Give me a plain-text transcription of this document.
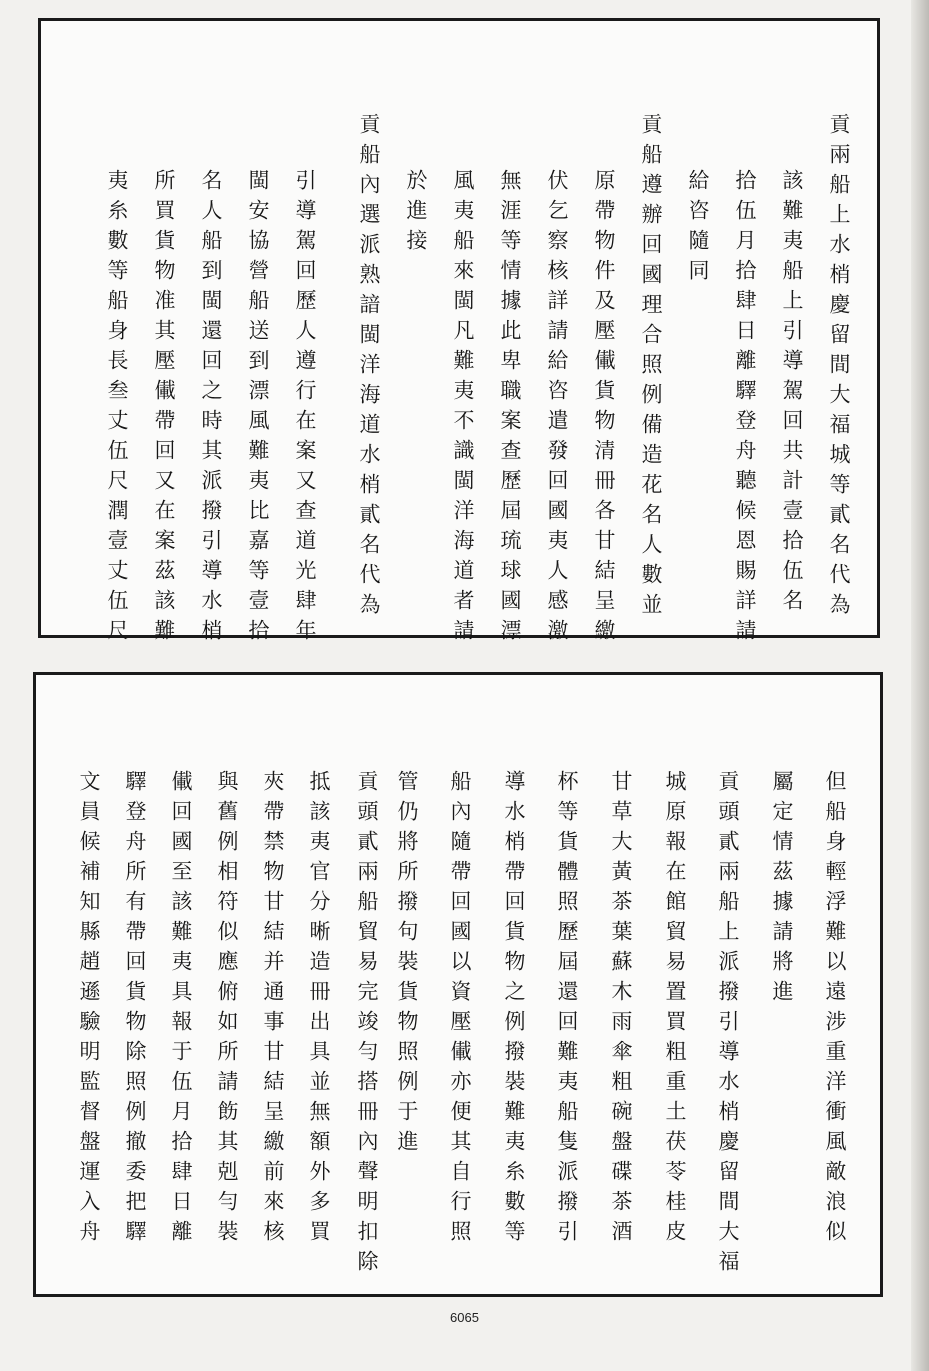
貢兩船上水梢慶留間大福城等貳名代為
該難夷船上引導駕回共計壹拾伍名
拾伍月拾肆日離驛登舟聽候恩賜詳請
給咨隨同
貢船遵辦回國理合照例備造花名人數並
原帶物件及壓儎貨物清冊各甘結呈繳
伏乞察核詳請給咨遣發回國夷人感激
無涯等情據此卑職案查歷屆琉球國漂
風夷船來閩凡難夷不識閩洋海道者請
於進接
貢船內選派熟諳閩洋海道水梢貳名代為
引導駕回歷人遵行在案又查道光肆年
閩安協營船送到漂風難夷比嘉等壹拾
名人船到閩還回之時其派撥引導水梢
所買貨物准其壓儎帶回又在案茲該難
夷糸數等船身長叁丈伍尺潤壹丈伍尺
但船身輕浮難以遠涉重洋衝風敵浪似
屬定情茲據請將進
貢頭貳兩船上派撥引導水梢慶留間大福
城原報在館貿易置買粗重土茯苓桂皮
甘草大黃茶葉蘇木雨傘粗碗盤碟茶酒
杯等貨體照歷屆還回難夷船隻派撥引
導水梢帶回貨物之例撥裝難夷糸數等
船內隨帶回國以資壓儎亦便其自行照
管仍將所撥句裝貨物照例于進
貢頭貳兩船貿易完竣勻搭冊內聲明扣除
抵該夷官分晰造冊出具並無額外多買
夾帶禁物甘結并通事甘結呈繳前來核
與舊例相符似應俯如所請飭其剋勻裝
儎回國至該難夷具報于伍月拾肆日離
驛登舟所有帶回貨物除照例撤委把驛
文員候補知縣趙遜驗明監督盤運入舟
6065
